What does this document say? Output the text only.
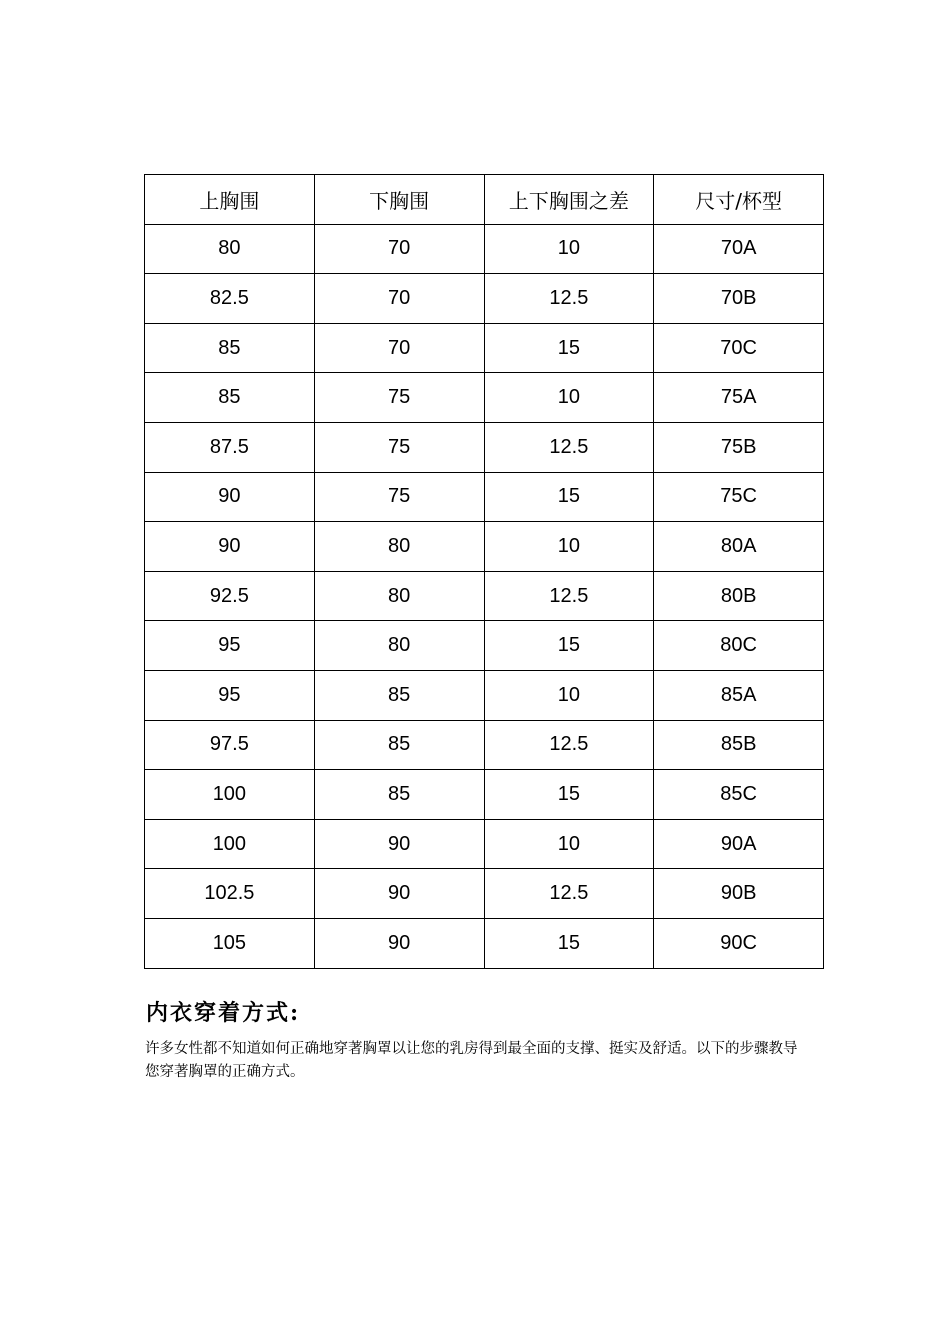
上胸围	下胸围	上下胸围之差	尺寸/杯型
80	70	10	70A
82.5	70	12.5	70B
85	70	15	70C
85	75	10	75A
87.5	75	12.5	75B
90	75	15	75C
90	80	10	80A
92.5	80	12.5	80B
95	80	15	80C
95	85	10	85A
97.5	85	12.5	85B
100	85	15	85C
100	90	10	90A
102.5	90	12.5	90B
105	90	15	90C
内衣穿着方式:

许多女性都不知道如何正确地穿著胸罩以让您的乳房得到最全面的支撑、挺实及舒适。以下的步骤教导您穿著胸罩的正确方式。
